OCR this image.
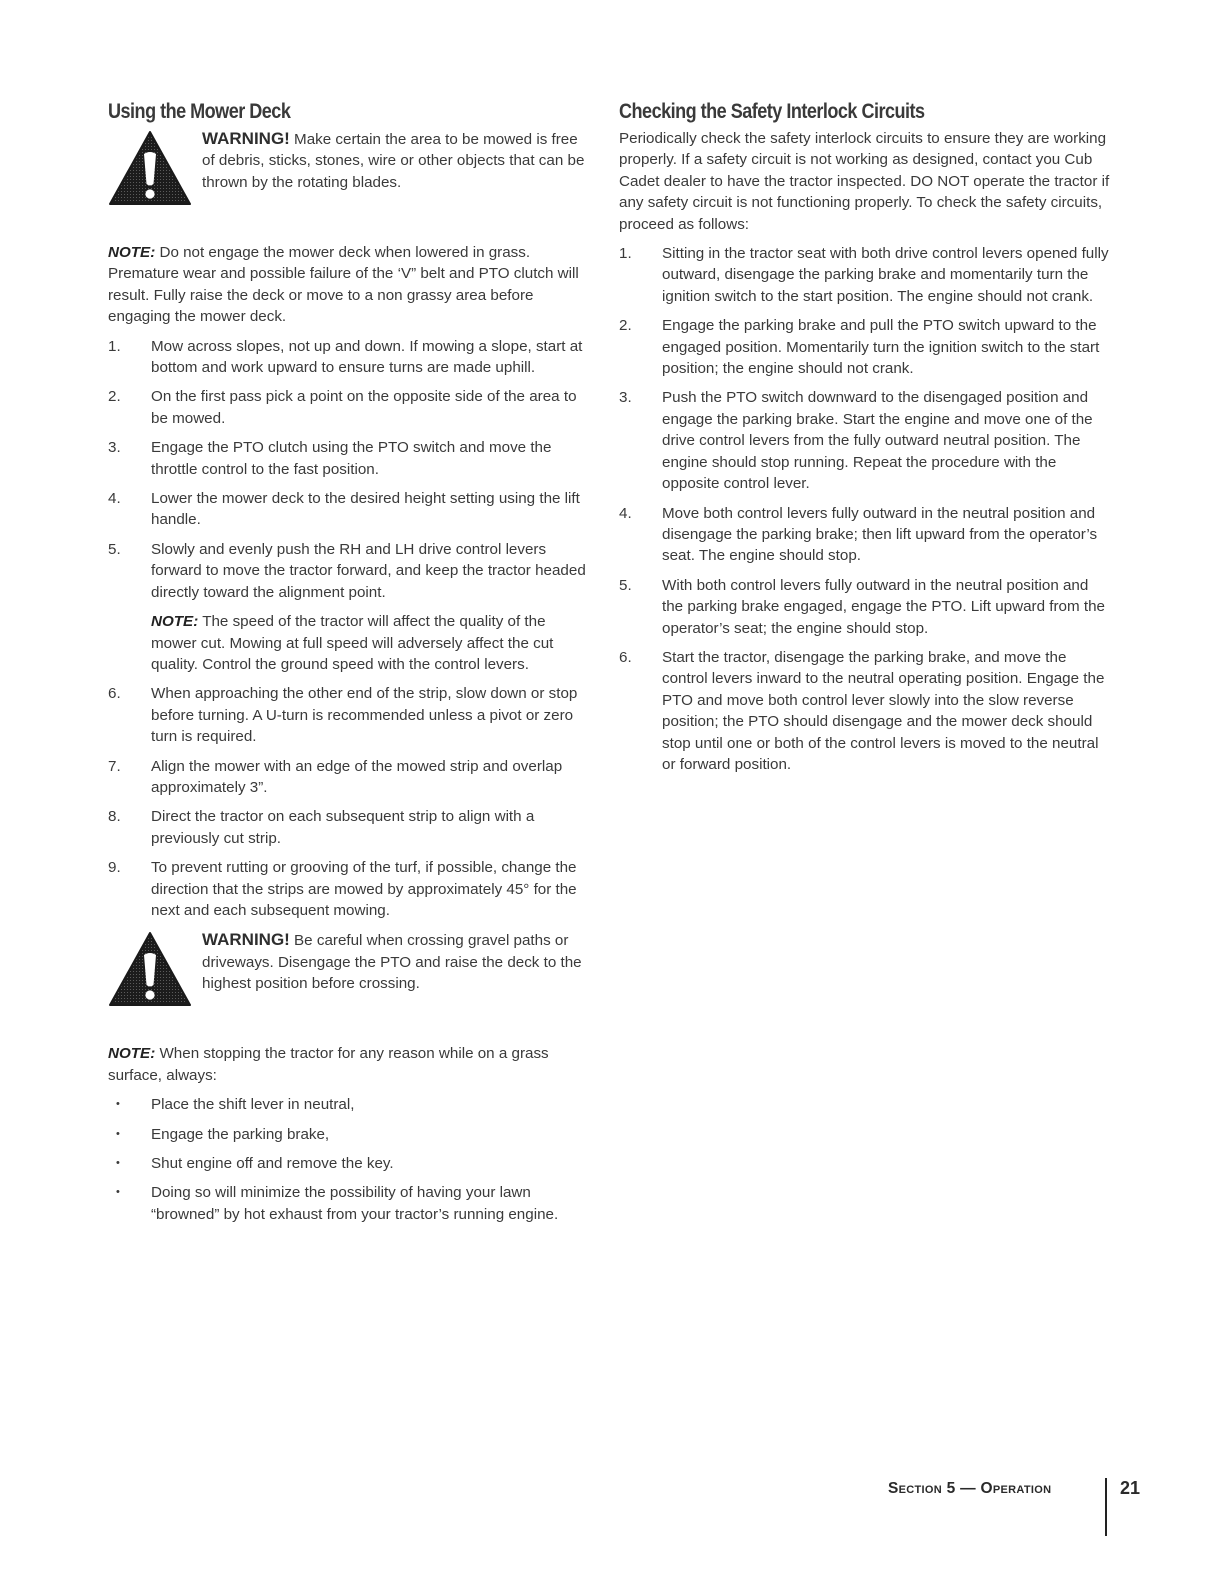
Using the Mower Deck

WARNING! Make certain the area to be mowed is free of debris, sticks, stones, wire or other objects that can be thrown by the rotating blades.

NOTE: Do not engage the mower deck when lowered in grass. Premature wear and possible failure of the ‘V” belt and PTO clutch will result. Fully raise the deck or move to a non grassy area before engaging the mower deck.

1. Mow across slopes, not up and down. If mowing a slope, start at bottom and work upward to ensure turns are made uphill.
2. On the first pass pick a point on the opposite side of the area to be mowed.
3. Engage the PTO clutch using the PTO switch and move the throttle control to the fast position.
4. Lower the mower deck to the desired height setting using the lift handle.
5. Slowly and evenly push the RH and LH drive control levers forward to move the tractor forward, and keep the tractor headed directly toward the alignment point.

NOTE: The speed of the tractor will affect the quality of the mower cut. Mowing at full speed will adversely affect the cut quality. Control the ground speed with the control levers.

6. When approaching the other end of the strip, slow down or stop before turning. A U-turn is recommended unless a pivot or zero turn is required.
7. Align the mower with an edge of the mowed strip and overlap approximately 3”.
8. Direct the tractor on each subsequent strip to align with a previously cut strip.
9. To prevent rutting or grooving of the turf, if possible, change the direction that the strips are mowed by approximately 45° for the next and each subsequent mowing.

WARNING! Be careful when crossing gravel paths or driveways. Disengage the PTO and raise the deck to the highest position before crossing.

NOTE: When stopping the tractor for any reason while on a grass surface, always:

• Place the shift lever in neutral,
• Engage the parking brake,
• Shut engine off and remove the key.
• Doing so will minimize the possibility of having your lawn “browned” by hot exhaust from your tractor’s running engine.
Checking the Safety Interlock Circuits

Periodically check the safety interlock circuits to ensure they are working properly. If a safety circuit is not working as designed, contact you Cub Cadet dealer to have the tractor inspected. DO NOT operate the tractor if any safety circuit is not functioning properly. To check the safety circuits, proceed as follows:

1. Sitting in the tractor seat with both drive control levers opened fully outward, disengage the parking brake and momentarily turn the ignition switch to the start position. The engine should not crank.
2. Engage the parking brake and pull the PTO switch upward to the engaged position. Momentarily turn the ignition switch to the start position; the engine should not crank.
3. Push the PTO switch downward to the disengaged position and engage the parking brake. Start the engine and move one of the drive control levers from the fully outward neutral position. The engine should stop running. Repeat the procedure with the opposite control lever.
4. Move both control levers fully outward in the neutral position and disengage the parking brake; then lift upward from the operator’s seat. The engine should stop.
5. With both control levers fully outward in the neutral position and the parking brake engaged, engage the PTO. Lift upward from the operator’s seat; the engine should stop.
6. Start the tractor, disengage the parking brake, and move the control levers inward to the neutral operating position. Engage the PTO and move both control lever slowly into the slow reverse position; the PTO should disengage and the mower deck should stop until one or both of the control levers is moved to the neutral or forward position.
Section 5 — Operation	21
